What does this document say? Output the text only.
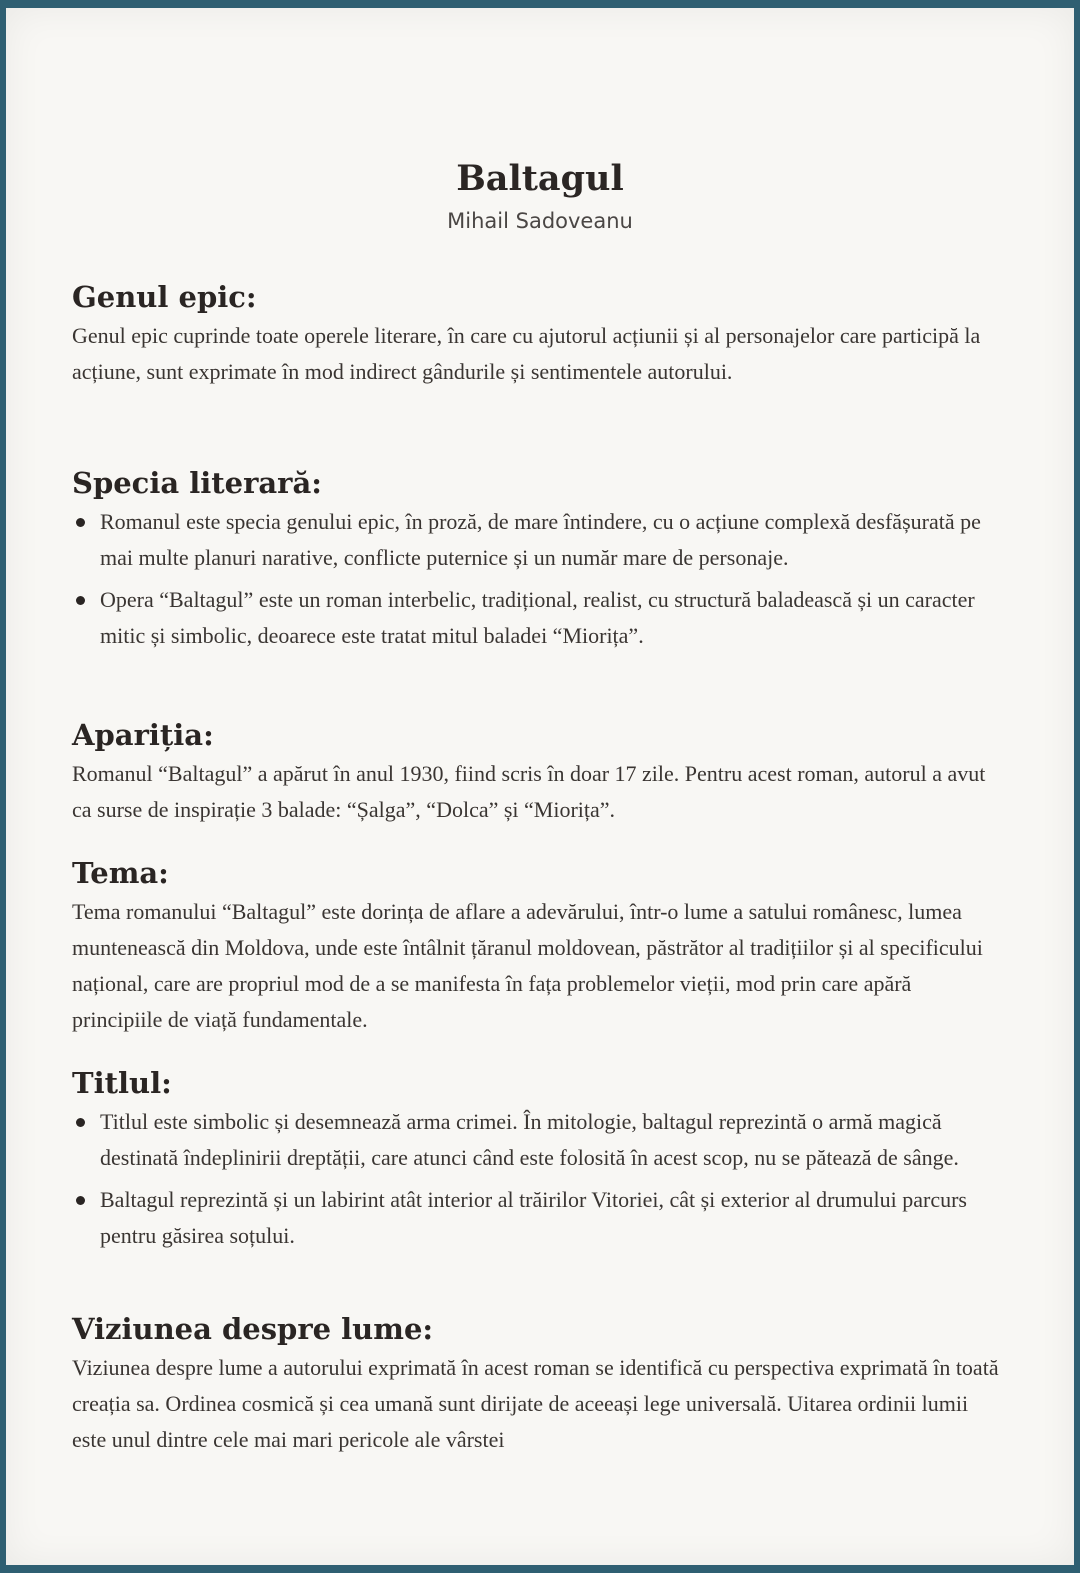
Baltagul
Mihail Sadoveanu
Genul epic:

Genul epic cuprinde toate operele literare, în care cu ajutorul acțiunii și al personajelor care participă la acțiune, sunt exprimate în mod indirect gândurile și sentimentele autorului.

Specia literară:
Romanul este specia genului epic, în proză, de mare întindere, cu o acțiune complexă desfășurată pe mai multe planuri narative, conflicte puternice și un număr mare de personaje.
Opera “Baltagul” este un roman interbelic, tradițional, realist, cu structură baladească și un caracter mitic și simbolic, deoarece este tratat mitul baladei “Miorița”.
Apariția:

Romanul “Baltagul” a apărut în anul 1930, fiind scris în doar 17 zile. Pentru acest roman, autorul a avut ca surse de inspirație 3 balade: “Șalga”, “Dolca” și “Miorița”.

Tema:

Tema romanului “Baltagul” este dorința de aflare a adevărului, într-o lume a satului românesc, lumea muntenească din Moldova, unde este întâlnit țăranul moldovean, păstrător al tradițiilor și al specificului național, care are propriul mod de a se manifesta în fața problemelor vieții, mod prin care apără principiile de viață fundamentale.

Titlul:
Titlul este simbolic și desemnează arma crimei. În mitologie, baltagul reprezintă o armă magică destinată îndeplinirii dreptății, care atunci când este folosită în acest scop, nu se pătează de sânge.
Baltagul reprezintă și un labirint atât interior al trăirilor Vitoriei, cât și exterior al drumului parcurs pentru găsirea soțului.
Viziunea despre lume:

Viziunea despre lume a autorului exprimată în acest roman se identifică cu perspectiva exprimată în toată creația sa. Ordinea cosmică și cea umană sunt dirijate de aceeași lege universală. Uitarea ordinii lumii este unul dintre cele mai mari pericole ale vârstei
